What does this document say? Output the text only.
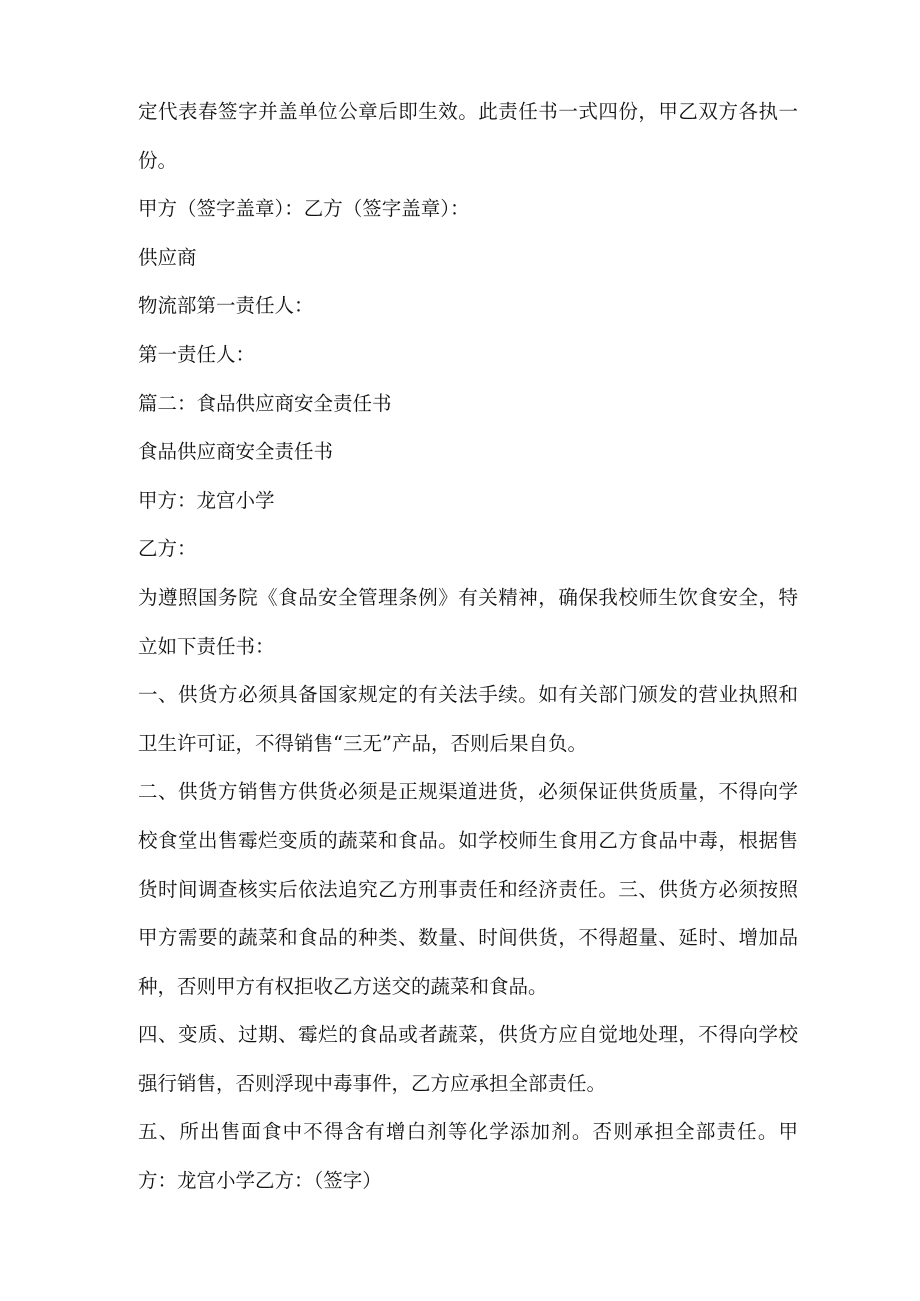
定代表春签字并盖单位公章后即生效。此责任书一式四份，甲乙双方各执一份。

甲方（签字盖章）：乙方（签字盖章）：

供应商

物流部第一责任人：

第一责任人：

篇二：食品供应商安全责任书

食品供应商安全责任书

甲方：龙宫小学

乙方：

为遵照国务院《食品安全管理条例》有关精神，确保我校师生饮食安全，特立如下责任书：

一、供货方必须具备国家规定的有关法手续。如有关部门颁发的营业执照和卫生许可证，不得销售“三无”产品，否则后果自负。

二、供货方销售方供货必须是正规渠道进货，必须保证供货质量，不得向学校食堂出售霉烂变质的蔬菜和食品。如学校师生食用乙方食品中毒，根据售货时间调查核实后依法追究乙方刑事责任和经济责任。三、供货方必须按照甲方需要的蔬菜和食品的种类、数量、时间供货，不得超量、延时、增加品种，否则甲方有权拒收乙方送交的蔬菜和食品。

四、变质、过期、霉烂的食品或者蔬菜，供货方应自觉地处理，不得向学校强行销售，否则浮现中毒事件，乙方应承担全部责任。

五、所出售面食中不得含有增白剂等化学添加剂。否则承担全部责任。甲方：龙宫小学乙方：（签字）
